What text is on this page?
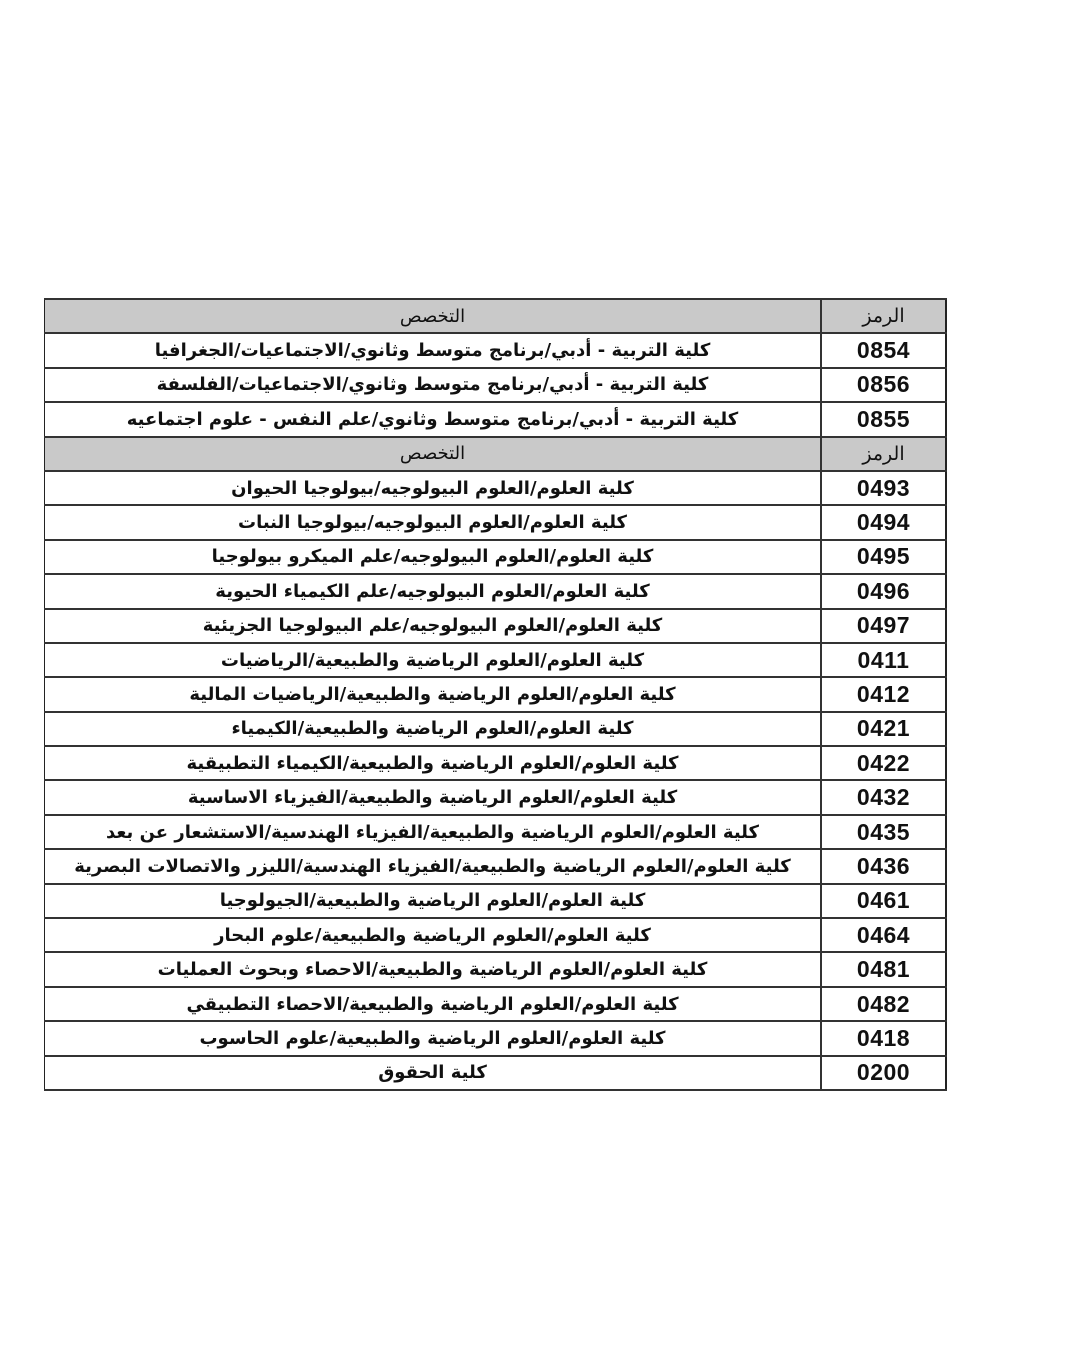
الرمز	التخصص
0854	كلية التربية - أدبي/برنامج متوسط وثانوي/الاجتماعيات/الجغرافيا
0856	كلية التربية - أدبي/برنامج متوسط وثانوي/الاجتماعيات/الفلسفة
0855	كلية التربية - أدبي/برنامج متوسط وثانوي/علم النفس - علوم اجتماعيه
الرمز	التخصص
0493	كلية العلوم/العلوم البيولوجيه/بيولوجيا الحيوان
0494	كلية العلوم/العلوم البيولوجيه/بيولوجيا النبات
0495	كلية العلوم/العلوم البيولوجيه/علم الميكرو بيولوجيا
0496	كلية العلوم/العلوم البيولوجيه/علم الكيمياء الحيوية
0497	كلية العلوم/العلوم البيولوجيه/علم البيولوجيا الجزيئية
0411	كلية العلوم/العلوم الرياضية والطبيعية/الرياضيات
0412	كلية العلوم/العلوم الرياضية والطبيعية/الرياضيات المالية
0421	كلية العلوم/العلوم الرياضية والطبيعية/الكيمياء
0422	كلية العلوم/العلوم الرياضية والطبيعية/الكيمياء التطبيقية
0432	كلية العلوم/العلوم الرياضية والطبيعية/الفيزياء الاساسية
0435	كلية العلوم/العلوم الرياضية والطبيعية/الفيزياء الهندسية/الاستشعار عن بعد
0436	كلية العلوم/العلوم الرياضية والطبيعية/الفيزياء الهندسية/الليزر والاتصالات البصرية
0461	كلية العلوم/العلوم الرياضية والطبيعية/الجيولوجيا
0464	كلية العلوم/العلوم الرياضية والطبيعية/علوم البحار
0481	كلية العلوم/العلوم الرياضية والطبيعية/الاحصاء وبحوث العمليات
0482	كلية العلوم/العلوم الرياضية والطبيعية/الاحصاء التطبيقي
0418	كلية العلوم/العلوم الرياضية والطبيعية/علوم الحاسوب
0200	كلية الحقوق
